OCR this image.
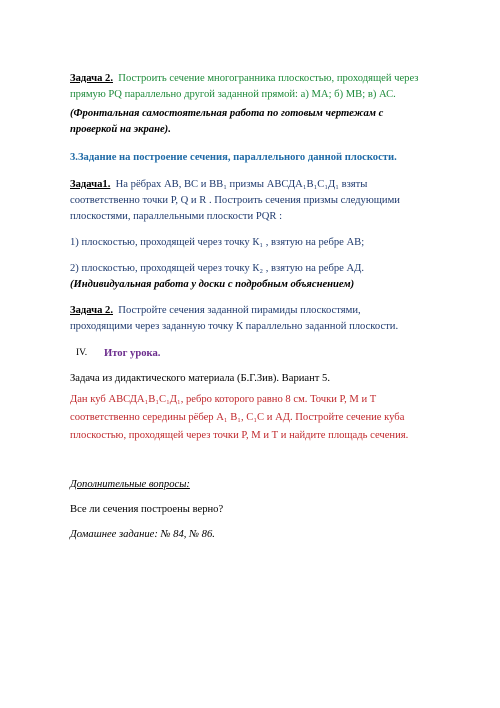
Задача 2. Построить сечение многогранника плоскостью, проходящей через
прямую PQ параллельно другой заданной прямой: а) МА; б) МВ; в) АС.
(Фронтальная самостоятельная работа по готовым чертежам с
проверкой на экране).
3.Задание на построение сечения, параллельного данной плоскости.
Задача1. На рёбрах АВ, ВС и ВВ₁ призмы АВСДА₁В₁С₁Д₁ взяты
соответственно точки Р, Q и R . Построить сечения призмы следующими
плоскостями, параллельными плоскости PQR :
1) плоскостью, проходящей через точку К₁ , взятую на ребре АВ;
2) плоскостью, проходящей через точку К₂ , взятую на ребре АД.
(Индивидуальная работа у доски с подробным объяснением)
Задача 2. Постройте сечения заданной пирамиды плоскостями,
проходящими через заданную точку К параллельно заданной плоскости.
IV. Итог урока.
Задача из дидактического материала (Б.Г.Зив). Вариант 5.
Дан куб АВСДА₁В₁С₁Д₁, ребро которого равно 8 см. Точки Р, М и Т
соответственно середины рёбер А₁ В₁, С₁С и АД. Постройте сечение куба
плоскостью, проходящей через точки Р, М и Т и найдите площадь сечения.
Дополнительные вопросы:
Все ли сечения построены верно?
Домашнее задание: № 84, № 86.
